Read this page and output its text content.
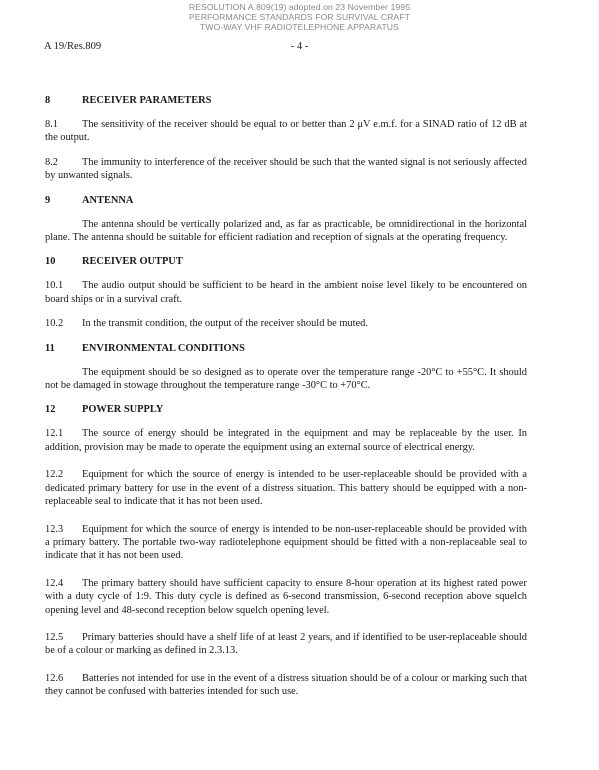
RESOLUTION A.809(19) adopted on 23 November 1995
PERFORMANCE STANDARDS FOR SURVIVAL CRAFT
TWO-WAY VHF RADIOTELEPHONE APPARATUS
A 19/Res.809	- 4 -
8	RECEIVER PARAMETERS

8.1 The sensitivity of the receiver should be equal to or better than 2 μV e.m.f. for a SINAD ratio of 12 dB at the output.

8.2 The immunity to interference of the receiver should be such that the wanted signal is not seriously affected by unwanted signals.

9	ANTENNA

The antenna should be vertically polarized and, as far as practicable, be omnidirectional in the horizontal plane. The antenna should be suitable for efficient radiation and reception of signals at the operating frequency.

10	RECEIVER OUTPUT

10.1 The audio output should be sufficient to be heard in the ambient noise level likely to be encountered on board ships or in a survival craft.

10.2 In the transmit condition, the output of the receiver should be muted.

11	ENVIRONMENTAL CONDITIONS

The equipment should be so designed as to operate over the temperature range -20°C to +55°C. It should not be damaged in stowage throughout the temperature range -30°C to +70°C.

12	POWER SUPPLY

12.1 The source of energy should be integrated in the equipment and may be replaceable by the user. In addition, provision may be made to operate the equipment using an external source of electrical energy.

12.2 Equipment for which the source of energy is intended to be user-replaceable should be provided with a dedicated primary battery for use in the event of a distress situation. This battery should be equipped with a non-replaceable seal to indicate that it has not been used.

12.3 Equipment for which the source of energy is intended to be non-user-replaceable should be provided with a primary battery. The portable two-way radiotelephone equipment should be fitted with a non-replaceable seal to indicate that it has not been used.

12.4 The primary battery should have sufficient capacity to ensure 8-hour operation at its highest rated power with a duty cycle of 1:9. This duty cycle is defined as 6-second transmission, 6-second reception above squelch opening level and 48-second reception below squelch opening level.

12.5 Primary batteries should have a shelf life of at least 2 years, and if identified to be user-replaceable should be of a colour or marking as defined in 2.3.13.

12.6 Batteries not intended for use in the event of a distress situation should be of a colour or marking such that they cannot be confused with batteries intended for such use.
